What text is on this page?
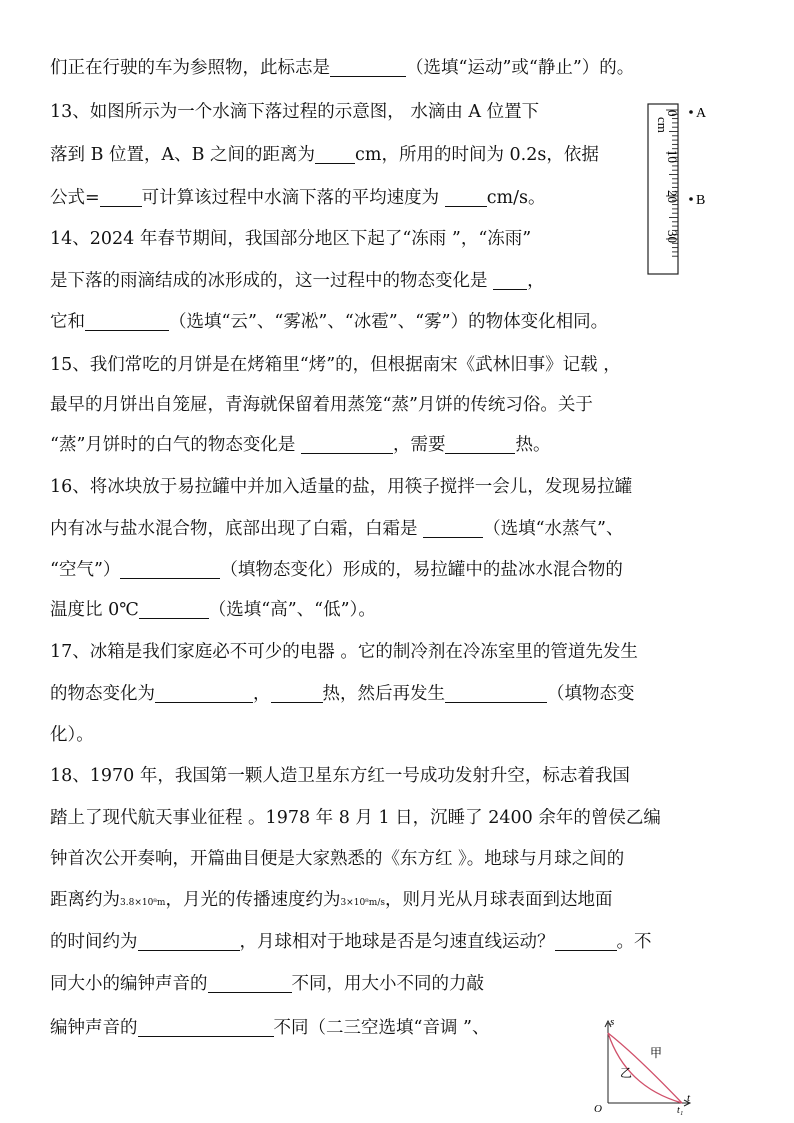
们正在行驶的车为参照物，此标志是	（选填“运动”或“静止”）的。
13、如图所示为一个水滴下落过程的示意图， 水滴由 A 位置下
落到 B 位置，A、B 之间的距离为 cm，所用的时间为 0.2s，依据
公式= 可计算该过程中水滴下落的平均速度为	cm/s。
14、2024 年春节期间，我国部分地区下起了“冻雨 ”，“冻雨”
是下落的雨滴结成的冰形成的，这一过程中的物态变化是 ，
它和	（选填“云”、“雾凇”、“冰雹”、“雾”）的物体变化相同。
15、我们常吃的月饼是在烤箱里“烤”的，但根据南宋《武林旧事》记载 ，
最早的月饼出自笼屉，青海就保留着用蒸笼“蒸”月饼的传统习俗。关于
“蒸”月饼时的白气的物态变化是	，需要	热。
16、将冰块放于易拉罐中并加入适量的盐，用筷子搅拌一会儿，发现易拉罐
内有冰与盐水混合物，底部出现了白霜，白霜是	（选填“水蒸气”、
“空气”）	（填物态变化）形成的，易拉罐中的盐冰水混合物的
温度比 0℃	（选填“高”、“低”）。
17、冰箱是我们家庭必不可少的电器 。它的制冷剂在冷冻室里的管道先发生
的物态变化为	，	热，然后再发生	（填物态变
化）。
18、1970 年，我国第一颗人造卫星东方红一号成功发射升空，标志着我国
踏上了现代航天事业征程 。1978 年 8 月 1 日，沉睡了 2400 余年的曾侯乙编
钟首次公开奏响，开篇曲目便是大家熟悉的《东方红 》。地球与月球之间的
距离约为3.8×10⁸m，月光的传播速度约为3×10⁸m/s，则月光从月球表面到达地面
的时间约为	，月球相对于地球是否是匀速直线运动？	。不
同大小的编钟声音的	不同，用大小不同的力敲
编钟声音的	不同（二三空选填“音调 ”、
cm
0
10
20
30
A
B
s
t
O	t₁
甲
乙
